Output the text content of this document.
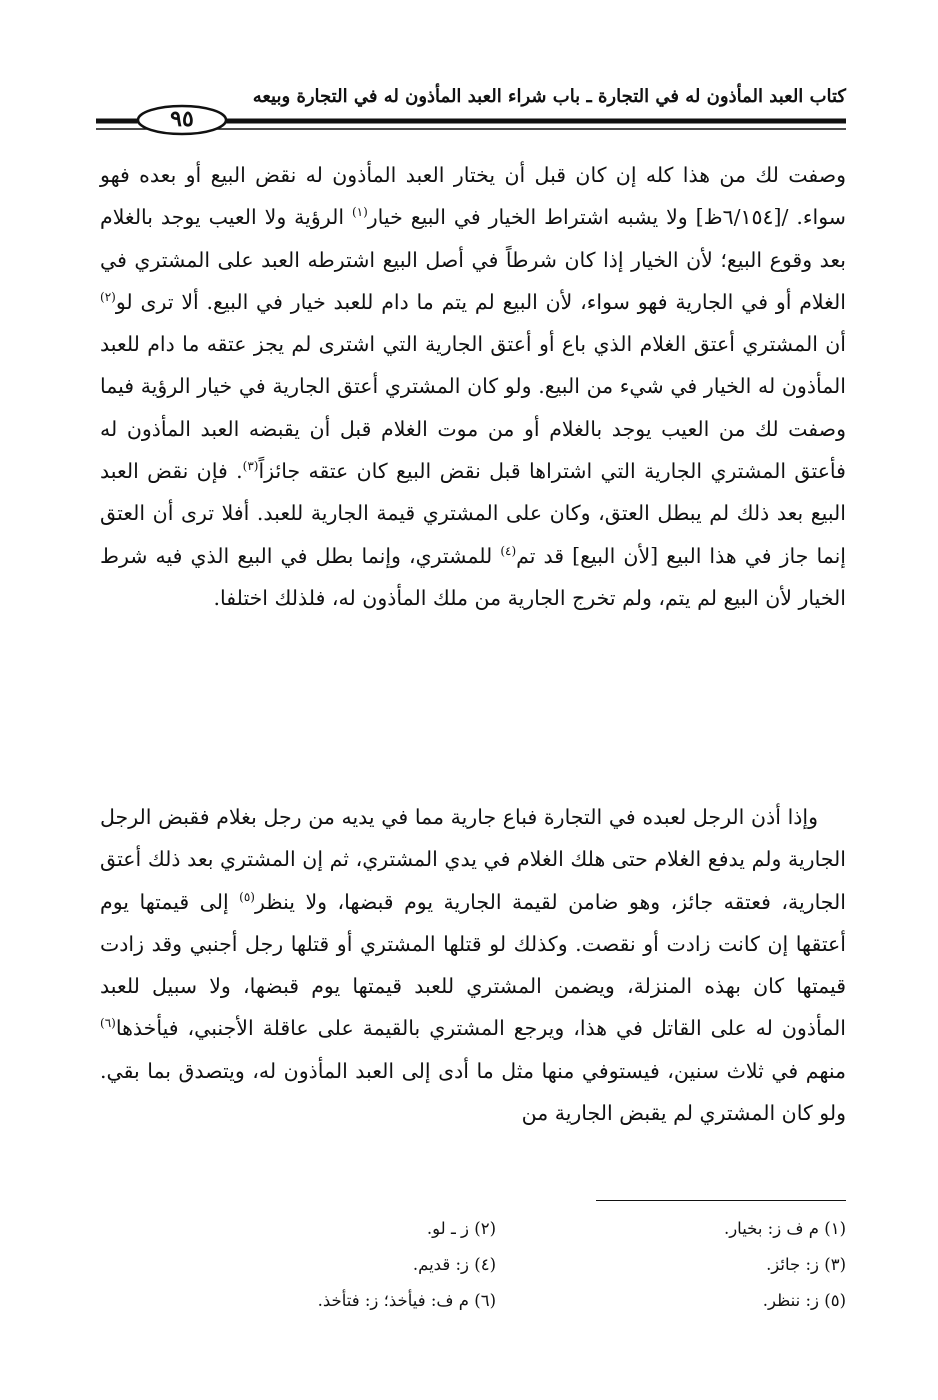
كتاب العبد المأذون له في التجارة ـ باب شراء العبد المأذون له في التجارة وبيعه
٩٥
وصفت لك من هذا كله إن كان قبل أن يختار العبد المأذون له نقض البيع أو بعده فهو سواء. /[٦/١٥٤ظ] ولا يشبه اشتراط الخيار في البيع خيار$^{(١)}$ الرؤية ولا العيب يوجد بالغلام بعد وقوع البيع؛ لأن الخيار إذا كان شرطاً في أصل البيع اشترطه العبد على المشتري في الغلام أو في الجارية فهو سواء، لأن البيع لم يتم ما دام للعبد خيار في البيع. ألا ترى لو$^{(٢)}$ أن المشتري أعتق الغلام الذي باع أو أعتق الجارية التي اشترى لم يجز عتقه ما دام للعبد المأذون له الخيار في شيء من البيع. ولو كان المشتري أعتق الجارية في خيار الرؤية فيما وصفت لك من العيب يوجد بالغلام أو من موت الغلام قبل أن يقبضه العبد المأذون له فأعتق المشتري الجارية التي اشتراها قبل نقض البيع كان عتقه جائزاً$^{(٣)}$. فإن نقض العبد البيع بعد ذلك لم يبطل العتق، وكان على المشتري قيمة الجارية للعبد. أفلا ترى أن العتق إنما جاز في هذا البيع [لأن البيع] قد تم$^{(٤)}$ للمشتري، وإنما بطل في البيع الذي فيه شرط الخيار لأن البيع لم يتم، ولم تخرج الجارية من ملك المأذون له، فلذلك اختلفا.
وإذا أذن الرجل لعبده في التجارة فباع جارية مما في يديه من رجل بغلام فقبض الرجل الجارية ولم يدفع الغلام حتى هلك الغلام في يدي المشتري، ثم إن المشتري بعد ذلك أعتق الجارية، فعتقه جائز، وهو ضامن لقيمة الجارية يوم قبضها، ولا ينظر$^{(٥)}$ إلى قيمتها يوم أعتقها إن كانت زادت أو نقصت. وكذلك لو قتلها المشتري أو قتلها رجل أجنبي وقد زادت قيمتها كان بهذه المنزلة، ويضمن المشتري للعبد قيمتها يوم قبضها، ولا سبيل للعبد المأذون له على القاتل في هذا، ويرجع المشتري بالقيمة على عاقلة الأجنبي، فيأخذها$^{(٦)}$ منهم في ثلاث سنين، فيستوفي منها مثل ما أدى إلى العبد المأذون له، ويتصدق بما بقي. ولو كان المشتري لم يقبض الجارية من
(١) م ف ز: بخيار.
(٢) ز ـ لو.
(٣) ز: جائز.
(٤) ز: قديم.
(٥) ز: ننظر.
(٦) م ف: فيأخذ؛ ز: فتأخذ.
